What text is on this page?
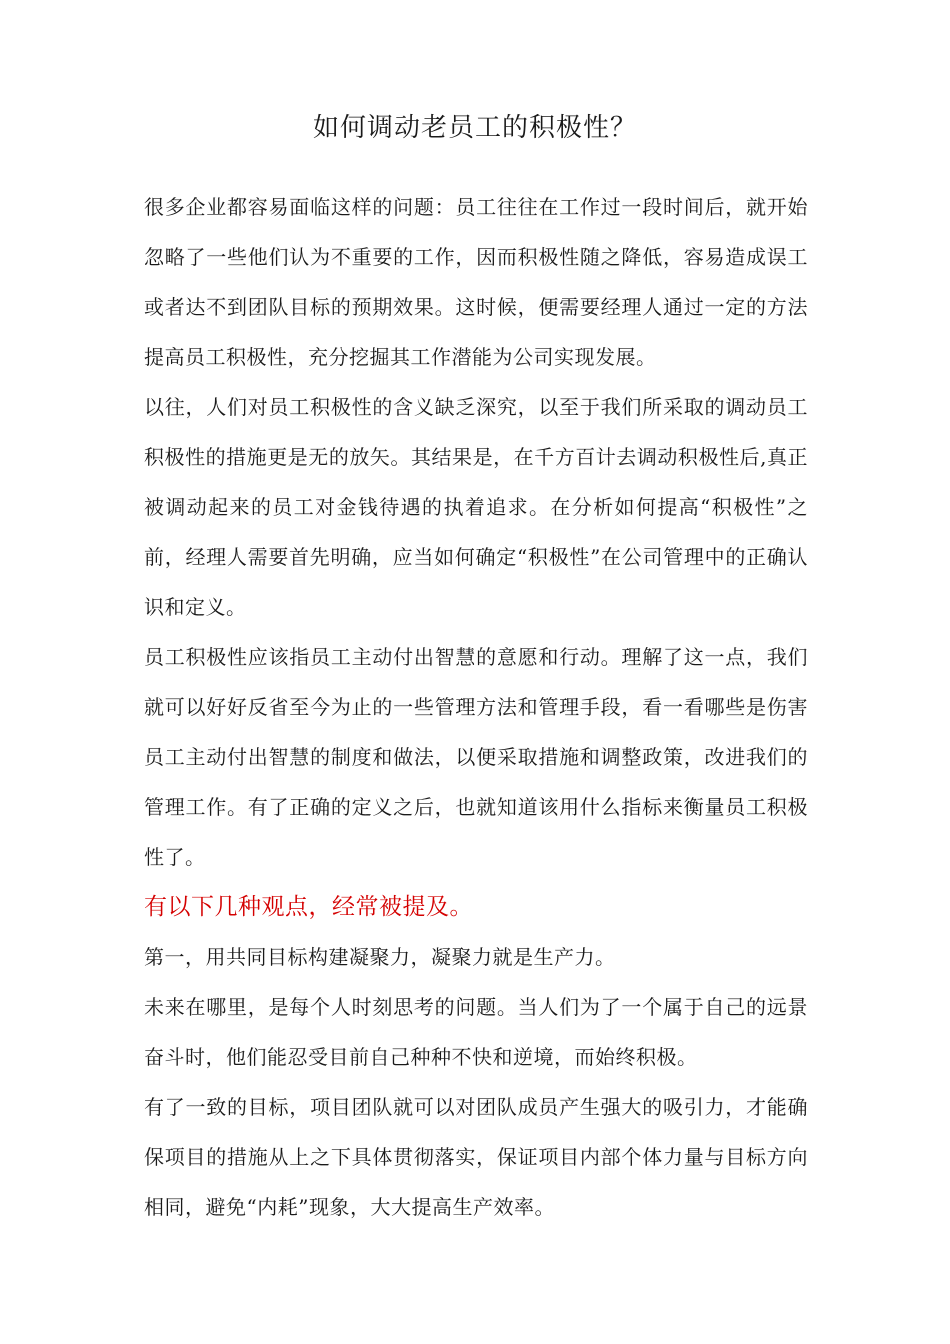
如何调动老员工的积极性？

很多企业都容易面临这样的问题：员工往往在工作过一段时间后，就开始忽略了一些他们认为不重要的工作，因而积极性随之降低，容易造成误工或者达不到团队目标的预期效果。这时候，便需要经理人通过一定的方法提高员工积极性，充分挖掘其工作潜能为公司实现发展。

以往，人们对员工积极性的含义缺乏深究，以至于我们所采取的调动员工积极性的措施更是无的放矢。其结果是，在千方百计去调动积极性后,真正被调动起来的员工对金钱待遇的执着追求。在分析如何提高“积极性”之前，经理人需要首先明确，应当如何确定“积极性”在公司管理中的正确认识和定义。

员工积极性应该指员工主动付出智慧的意愿和行动。理解了这一点，我们就可以好好反省至今为止的一些管理方法和管理手段，看一看哪些是伤害员工主动付出智慧的制度和做法，以便采取措施和调整政策，改进我们的管理工作。有了正确的定义之后，也就知道该用什么指标来衡量员工积极性了。

有以下几种观点，经常被提及。

第一，用共同目标构建凝聚力，凝聚力就是生产力。

未来在哪里，是每个人时刻思考的问题。当人们为了一个属于自己的远景奋斗时，他们能忍受目前自己种种不快和逆境，而始终积极。

有了一致的目标，项目团队就可以对团队成员产生强大的吸引力，才能确保项目的措施从上之下具体贯彻落实，保证项目内部个体力量与目标方向相同，避免“内耗”现象，大大提高生产效率。
